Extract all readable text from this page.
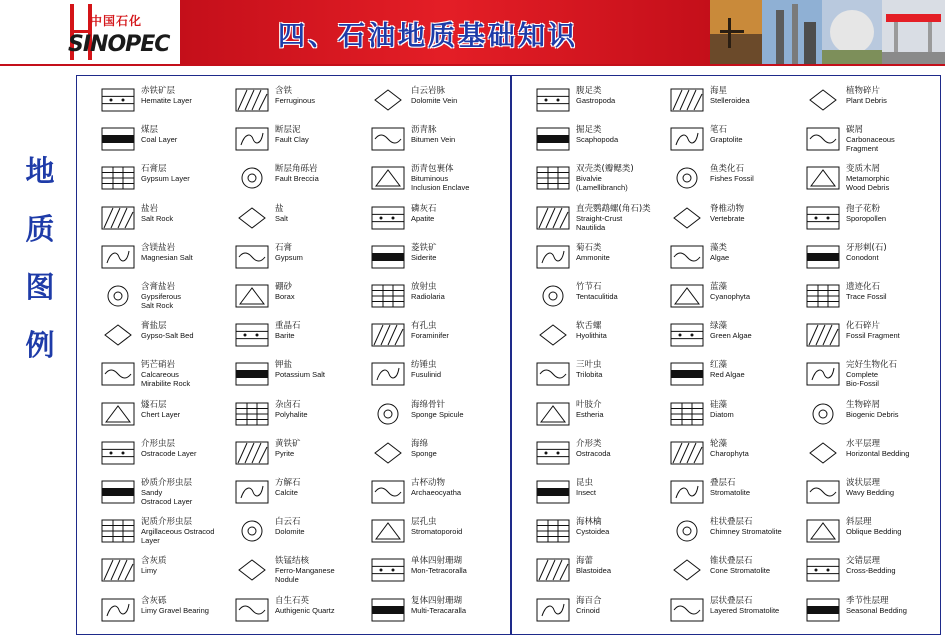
中国石化
SINOPEC	四、石油地质基础知识
地
质
图
例
赤铁矿层
Hematite Layer
煤层
Coal Layer
石膏层
Gypsum Layer
盐岩
Salt Rock
含镁盐岩
Magnesian Salt
含膏盐岩
Gypsiferous
Salt Rock
膏盐层
Gypso-Salt Bed
钙芒硝岩
Calcareous
Mirabilite Rock
燧石层
Chert Layer
介形虫层
Ostracode Layer
砂质介形虫层
Sandy
Ostracod Layer
泥质介形虫层
Argillaceous Ostracod
Layer
含灰质
Limy
含灰砾
Limy Gravel Bearing
含铁
Ferruginous
断层泥
Fault Clay
断层角砾岩
Fault Breccia
盐
Salt
石膏
Gypsum
硼砂
Borax
重晶石
Barite
钾盐
Potassium Salt
杂卤石
Polyhalite
黄铁矿
Pyrite
方解石
Calcite
白云石
Dolomite
铁锰结核
Ferro-Manganese
Nodule
自生石英
Authigenic Quartz
白云岩脉
Dolomite Vein
沥青脉
Bitumen Vein
沥青包裹体
Bituminous
Inclusion Enclave
磷灰石
Apatite
菱铁矿
Siderite
放射虫
Radiolaria
有孔虫
Foraminifer
纺锤虫
Fusulinid
海绵骨针
Sponge Spicule
海绵
Sponge
古杯动物
Archaeocyatha
层孔虫
Stromatoporoid
单体四射珊瑚
Mon-Tetracoralla
复体四射珊瑚
Multi-Teracaralla
腹足类
Gastropoda
掘足类
Scaphopoda
双壳类(瓣鳃类)
Bivalvie
(Lamellibranch)
直壳鹦鹉螺(角石)类
Straight-Crust
Nautilida
菊石类
Ammonite
竹节石
Tentaculitida
软舌螺
Hyolithita
三叶虫
Trilobita
叶肢介
Estheria
介形类
Ostracoda
昆虫
Insect
海林檎
Cystoidea
海蕾
Blastoidea
海百合
Crinoid
海星
Stelleroidea
笔石
Graptolite
鱼类化石
Fishes Fossil
脊椎动物
Vertebrate
藻类
Algae
蓝藻
Cyanophyta
绿藻
Green Algae
红藻
Red Algae
硅藻
Diatom
轮藻
Charophyta
叠层石
Stromatolite
柱状叠层石
Chimney Stromatolite
锥状叠层石
Cone Stromatolite
层状叠层石
Layered Stromatolite
植物碎片
Plant Debris
碳屑
Carbonaceous
Fragment
变质木屑
Metamorphic
Wood Debris
孢子花粉
Sporopollen
牙形刺(石)
Conodont
遗迹化石
Trace Fossil
化石碎片
Fossil Fragment
完好生物化石
Complete
Bio-Fossil
生物碎屑
Biogenic Debris
水平层理
Horizontal Bedding
波状层理
Wavy Bedding
斜层理
Oblique Bedding
交错层理
Cross-Bedding
季节性层理
Seasonal Bedding
